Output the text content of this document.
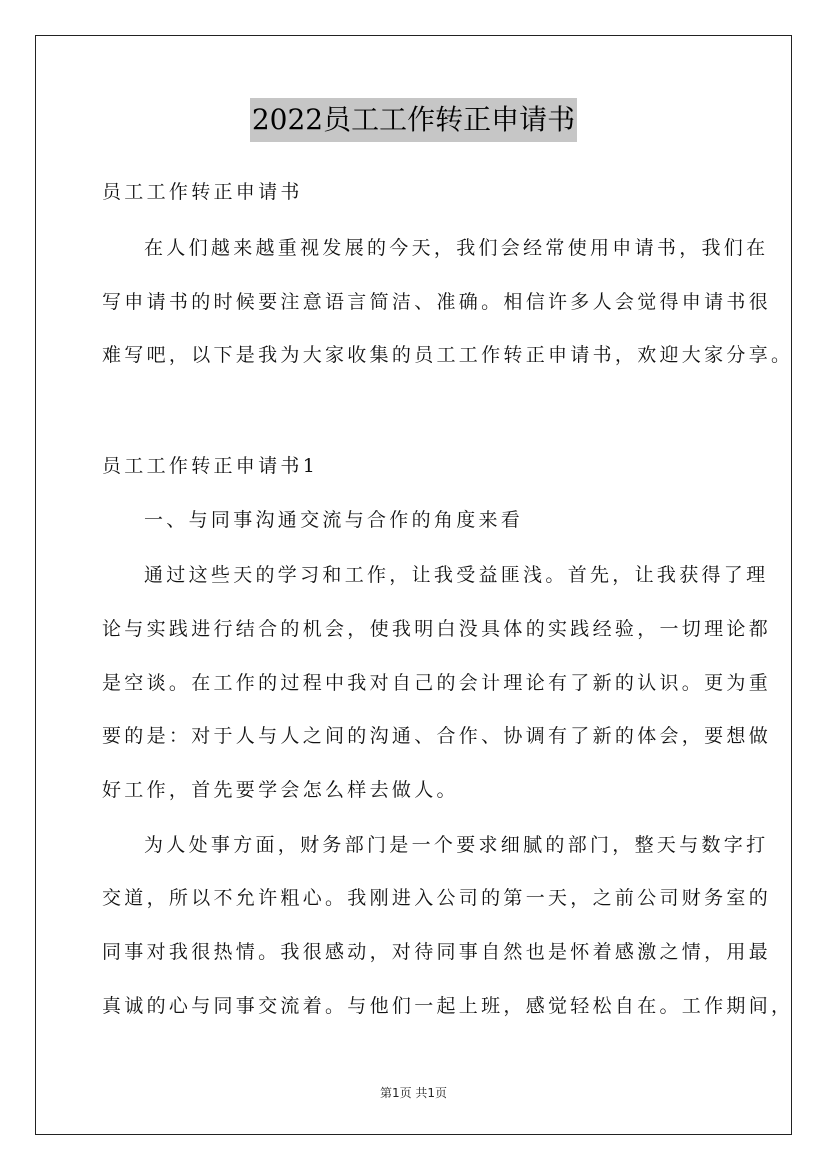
2022员工工作转正申请书
员工工作转正申请书
在人们越来越重视发展的今天，我们会经常使用申请书，我们在
写申请书的时候要注意语言简洁、准确。相信许多人会觉得申请书很
难写吧，以下是我为大家收集的员工工作转正申请书，欢迎大家分享。
员工工作转正申请书1
一、与同事沟通交流与合作的角度来看
通过这些天的学习和工作，让我受益匪浅。首先，让我获得了理
论与实践进行结合的机会，使我明白没具体的实践经验，一切理论都
是空谈。在工作的过程中我对自己的会计理论有了新的认识。更为重
要的是：对于人与人之间的沟通、合作、协调有了新的体会，要想做
好工作，首先要学会怎么样去做人。
为人处事方面，财务部门是一个要求细腻的部门，整天与数字打
交道，所以不允许粗心。我刚进入公司的第一天，之前公司财务室的
同事对我很热情。我很感动，对待同事自然也是怀着感激之情，用最
真诚的心与同事交流着。与他们一起上班，感觉轻松自在。工作期间，
第1页 共1页
